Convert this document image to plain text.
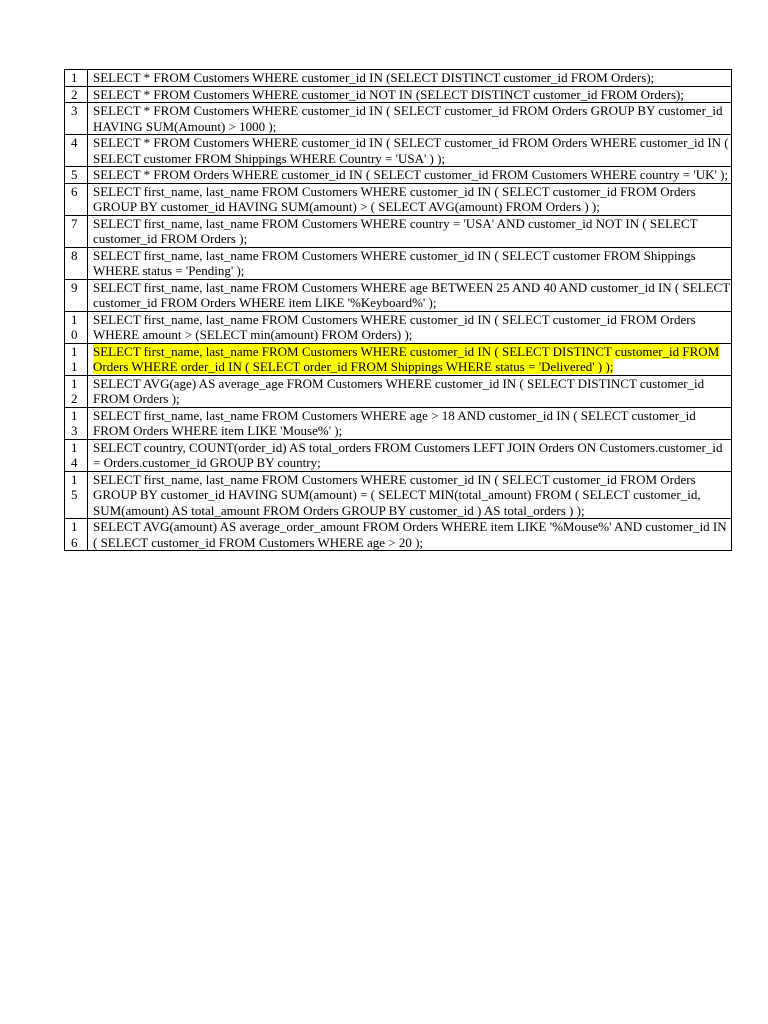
1	SELECT * FROM Customers WHERE customer_id IN (SELECT DISTINCT customer_id FROM Orders);

2	SELECT * FROM Customers WHERE customer_id NOT IN (SELECT DISTINCT customer_id FROM Orders);

3	SELECT * FROM Customers WHERE customer_id IN ( SELECT customer_id FROM Orders GROUP BY customer_id HAVING SUM(Amount) > 1000 );

4	SELECT * FROM Customers WHERE customer_id IN ( SELECT customer_id FROM Orders WHERE customer_id IN ( SELECT customer FROM Shippings WHERE Country = 'USA' ) );

5	SELECT * FROM Orders WHERE customer_id IN ( SELECT customer_id FROM Customers WHERE country = 'UK' );

6	SELECT first_name, last_name FROM Customers WHERE customer_id IN ( SELECT customer_id FROM Orders GROUP BY customer_id HAVING SUM(amount) > ( SELECT AVG(amount) FROM Orders ) );

7	SELECT first_name, last_name FROM Customers WHERE country = 'USA' AND customer_id NOT IN ( SELECT customer_id FROM Orders );

8	SELECT first_name, last_name FROM Customers WHERE customer_id IN ( SELECT customer FROM Shippings WHERE status = 'Pending' );

9	SELECT first_name, last_name FROM Customers WHERE age BETWEEN 25 AND 40 AND customer_id IN ( SELECT customer_id FROM Orders WHERE item LIKE '%Keyboard%' );

10	SELECT first_name, last_name FROM Customers WHERE customer_id IN ( SELECT customer_id FROM Orders WHERE amount > (SELECT min(amount) FROM Orders) );

11	SELECT first_name, last_name FROM Customers WHERE customer_id IN ( SELECT DISTINCT customer_id FROM Orders WHERE order_id IN ( SELECT order_id FROM Shippings WHERE status = 'Delivered' ) );

12	SELECT AVG(age) AS average_age FROM Customers WHERE customer_id IN ( SELECT DISTINCT customer_id FROM Orders );

13	SELECT first_name, last_name FROM Customers WHERE age > 18 AND customer_id IN ( SELECT customer_id FROM Orders WHERE item LIKE 'Mouse%' );

14	SELECT country, COUNT(order_id) AS total_orders FROM Customers LEFT JOIN Orders ON Customers.customer_id = Orders.customer_id GROUP BY country;

15	SELECT first_name, last_name FROM Customers WHERE customer_id IN ( SELECT customer_id FROM Orders GROUP BY customer_id HAVING SUM(amount) = ( SELECT MIN(total_amount) FROM ( SELECT customer_id, SUM(amount) AS total_amount FROM Orders GROUP BY customer_id ) AS total_orders ) );

16	SELECT AVG(amount) AS average_order_amount FROM Orders WHERE item LIKE '%Mouse%' AND customer_id IN ( SELECT customer_id FROM Customers WHERE age > 20 );
